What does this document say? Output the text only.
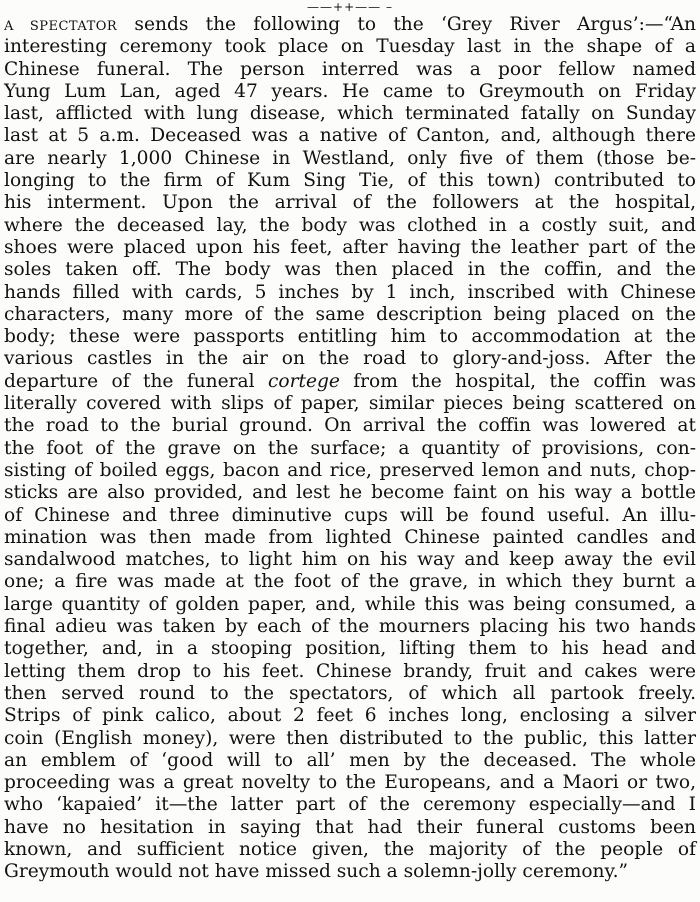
——++—— –
A SPECTATOR sends the following to the ‘Grey River Argus’:—“An
interesting ceremony took place on Tuesday last in the shape of a
Chinese funeral. The person interred was a poor fellow named
Yung Lum Lan, aged 47 years. He came to Greymouth on Friday
last, afflicted with lung disease, which terminated fatally on Sunday
last at 5 a.m. Deceased was a native of Canton, and, although there
are nearly 1,000 Chinese in Westland, only five of them (those be-
longing to the firm of Kum Sing Tie, of this town) contributed to
his interment. Upon the arrival of the followers at the hospital,
where the deceased lay, the body was clothed in a costly suit, and
shoes were placed upon his feet, after having the leather part of the
soles taken off. The body was then placed in the coffin, and the
hands filled with cards, 5 inches by 1 inch, inscribed with Chinese
characters, many more of the same description being placed on the
body; these were passports entitling him to accommodation at the
various castles in the air on the road to glory-and-joss. After the
departure of the funeral cortege from the hospital, the coffin was
literally covered with slips of paper, similar pieces being scattered on
the road to the burial ground. On arrival the coffin was lowered at
the foot of the grave on the surface; a quantity of provisions, con-
sisting of boiled eggs, bacon and rice, preserved lemon and nuts, chop-
sticks are also provided, and lest he become faint on his way a bottle
of Chinese and three diminutive cups will be found useful. An illu-
mination was then made from lighted Chinese painted candles and
sandalwood matches, to light him on his way and keep away the evil
one; a fire was made at the foot of the grave, in which they burnt a
large quantity of golden paper, and, while this was being consumed, a
final adieu was taken by each of the mourners placing his two hands
together, and, in a stooping position, lifting them to his head and
letting them drop to his feet. Chinese brandy, fruit and cakes were
then served round to the spectators, of which all partook freely.
Strips of pink calico, about 2 feet 6 inches long, enclosing a silver
coin (English money), were then distributed to the public, this latter
an emblem of ‘good will to all’ men by the deceased. The whole
proceeding was a great novelty to the Europeans, and a Maori or two,
who ‘kapaied’ it—the latter part of the ceremony especially—and I
have no hesitation in saying that had their funeral customs been
known, and sufficient notice given, the majority of the people of
Greymouth would not have missed such a solemn-jolly ceremony.”
